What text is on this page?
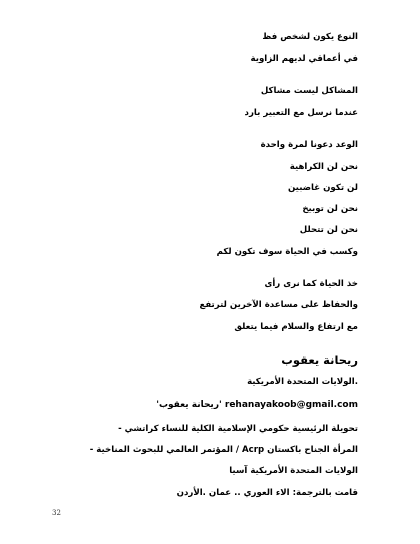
النوع يكون لشخص فظ
في أعماقي لديهم الزاوية
المشاكل ليست مشاكل
عندما نرسل مع التعبير بارد
الوعد دعونا لمرة واحدة
نحن لن الكراهية
لن تكون غاضبين
نحن لن توبيخ
نحن لن تتحلل
وكسب في الحياة سوف تكون لكم
خذ الحياة كما نرى رأى
والحفاظ على مساعدة الآخرين لترتفع
مع ارتفاع والسلام فيما يتعلق
ريحانة يعقوب
.الولايات المتحدة الأمريكية
rehanayakoob@gmail.com 'ريحانة يعقوب'
تحويلة الرئيسية حكومي الإسلامية الكلية للنساء كراتشي -
المرأة الجناح باكستان Acrp / المؤتمر العالمي للبحوث المناخية -
الولايات المتحدة الأمريكية آسيا
قامت بالترجمة: الاء العوري .. عمان .الأردن
32
